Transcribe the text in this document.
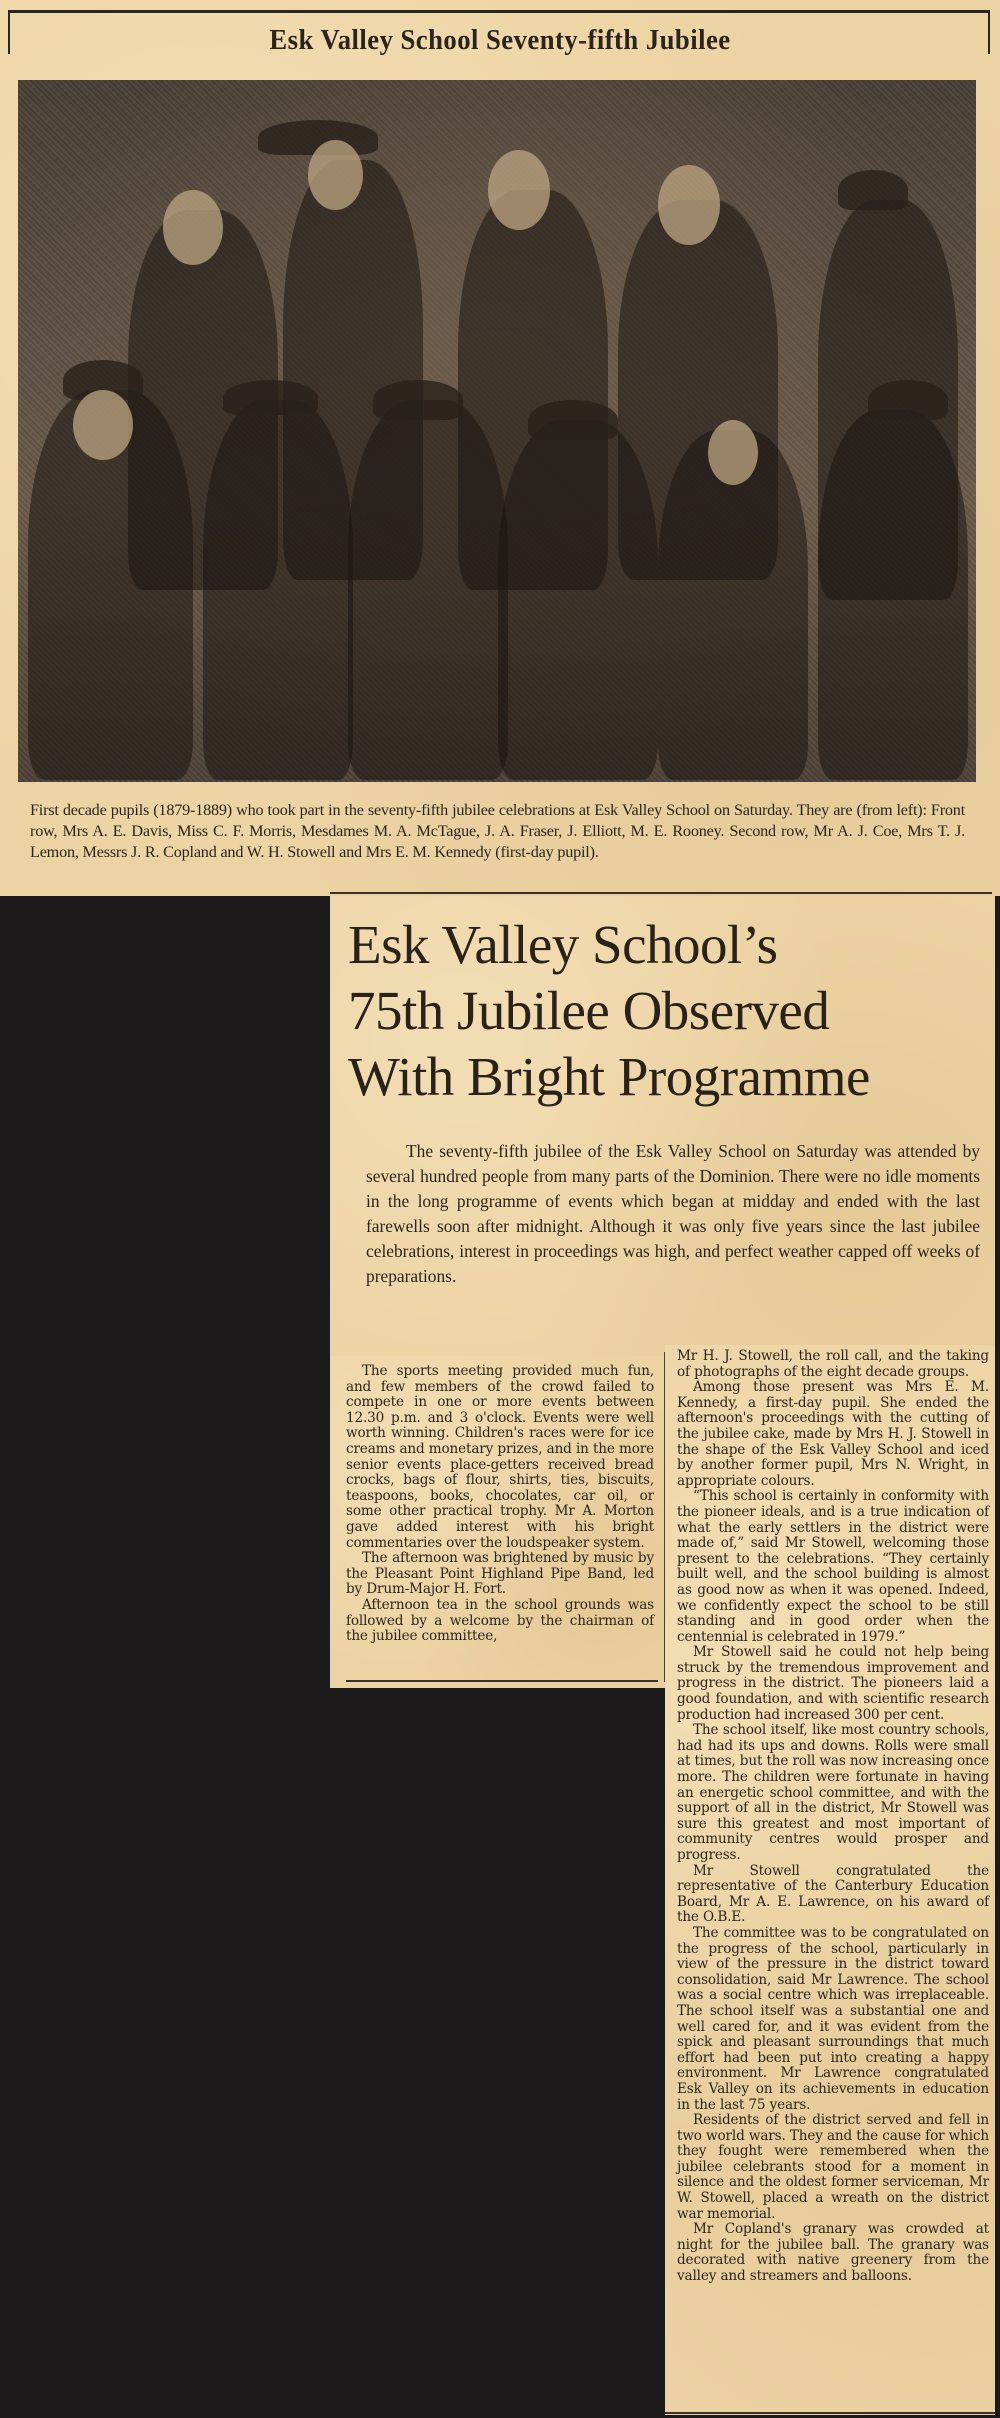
Esk Valley School Seventy-fifth Jubilee
First decade pupils (1879-1889) who took part in the seventy-fifth jubilee celebrations at Esk Valley School on Saturday. They are (from left): Front row, Mrs A. E. Davis, Miss C. F. Morris, Mesdames M. A. McTague, J. A. Fraser, J. Elliott, M. E. Rooney. Second row, Mr A. J. Coe, Mrs T. J. Lemon, Messrs J. R. Copland and W. H. Stowell and Mrs E. M. Kennedy (first-day pupil).
Esk Valley School’s
75th Jubilee Observed
With Bright Programme
The seventy-fifth jubilee of the Esk Valley School on Saturday was attended by several hundred people from many parts of the Dominion. There were no idle moments in the long programme of events which began at midday and ended with the last farewells soon after midnight. Although it was only five years since the last jubilee celebrations, interest in proceedings was high, and perfect weather capped off weeks of preparations.

The sports meeting provided much fun, and few members of the crowd failed to compete in one or more events between 12.30 p.m. and 3 o'clock. Events were well worth winning. Children's races were for ice creams and monetary prizes, and in the more senior events place-getters received bread crocks, bags of flour, shirts, ties, biscuits, teaspoons, books, chocolates, car oil, or some other practical trophy. Mr A. Morton gave added interest with his bright commentaries over the loudspeaker system.

The afternoon was brightened by music by the Pleasant Point Highland Pipe Band, led by Drum-Major H. Fort.

Afternoon tea in the school grounds was followed by a welcome by the chairman of the jubilee committee,

Mr H. J. Stowell, the roll call, and the taking of photographs of the eight decade groups.

Among those present was Mrs E. M. Kennedy, a first-day pupil. She ended the afternoon's proceedings with the cutting of the jubilee cake, made by Mrs H. J. Stowell in the shape of the Esk Valley School and iced by another former pupil, Mrs N. Wright, in appropriate colours.

“This school is certainly in conformity with the pioneer ideals, and is a true indication of what the early settlers in the district were made of,” said Mr Stowell, welcoming those present to the celebrations. “They certainly built well, and the school building is almost as good now as when it was opened. Indeed, we confidently expect the school to be still standing and in good order when the centennial is celebrated in 1979.”

Mr Stowell said he could not help being struck by the tremendous improvement and progress in the district. The pioneers laid a good foundation, and with scientific research production had increased 300 per cent.

The school itself, like most country schools, had had its ups and downs. Rolls were small at times, but the roll was now increasing once more. The children were fortunate in having an energetic school committee, and with the support of all in the district, Mr Stowell was sure this greatest and most important of community centres would prosper and progress.

Mr Stowell congratulated the representative of the Canterbury Education Board, Mr A. E. Lawrence, on his award of the O.B.E.

The committee was to be congratulated on the progress of the school, particularly in view of the pressure in the district toward consolidation, said Mr Lawrence. The school was a social centre which was irreplaceable. The school itself was a substantial one and well cared for, and it was evident from the spick and pleasant surroundings that much effort had been put into creating a happy environment. Mr Lawrence congratulated Esk Valley on its achievements in education in the last 75 years.

Residents of the district served and fell in two world wars. They and the cause for which they fought were remembered when the jubilee celebrants stood for a moment in silence and the oldest former serviceman, Mr W. Stowell, placed a wreath on the district war memorial.

Mr Copland's granary was crowded at night for the jubilee ball. The granary was decorated with native greenery from the valley and streamers and balloons.
